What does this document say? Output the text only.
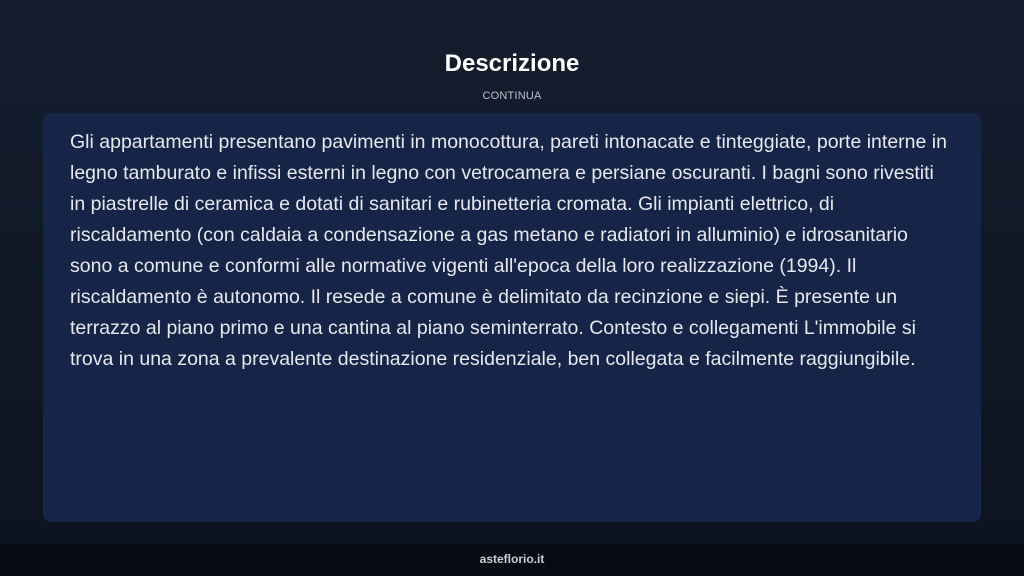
Descrizione
CONTINUA

Gli appartamenti presentano pavimenti in monocottura, pareti intonacate e tinteggiate, porte interne in legno tamburato e infissi esterni in legno con vetrocamera e persiane oscuranti. I bagni sono rivestiti in piastrelle di ceramica e dotati di sanitari e rubinetteria cromata. Gli impianti elettrico, di riscaldamento (con caldaia a condensazione a gas metano e radiatori in alluminio) e idrosanitario sono a comune e conformi alle normative vigenti all'epoca della loro realizzazione (1994). Il riscaldamento è autonomo. Il resede a comune è delimitato da recinzione e siepi. È presente un terrazzo al piano primo e una cantina al piano seminterrato. Contesto e collegamenti L'immobile si trova in una zona a prevalente destinazione residenziale, ben collegata e facilmente raggiungibile.

asteflorio.it
